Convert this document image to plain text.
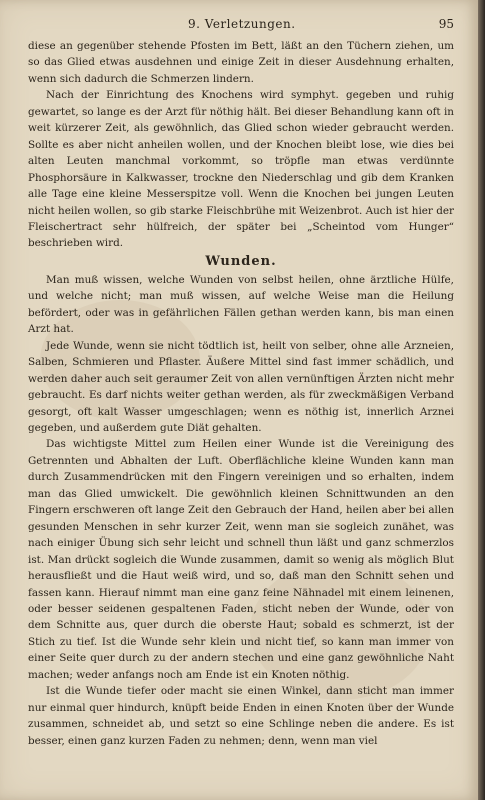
9. Verletzungen.	95

diese an gegenüber stehende Pfosten im Bett, läßt an den Tüchern ziehen, um so das Glied etwas ausdehnen und einige Zeit in dieser Ausdehnung erhalten, wenn sich dadurch die Schmerzen lindern.

Nach der Einrichtung des Knochens wird symphyt. gegeben und ruhig gewartet, so lange es der Arzt für nöthig hält. Bei dieser Behandlung kann oft in weit kürzerer Zeit, als gewöhnlich, das Glied schon wieder gebraucht werden. Sollte es aber nicht anheilen wollen, und der Knochen bleibt lose, wie dies bei alten Leuten manchmal vorkommt, so tröpfle man etwas verdünnte Phosphorsäure in Kalkwasser, trockne den Niederschlag und gib dem Kranken alle Tage eine kleine Messerspitze voll. Wenn die Knochen bei jungen Leuten nicht heilen wollen, so gib starke Fleischbrühe mit Weizenbrot. Auch ist hier der Fleischertract sehr hülfreich, der später bei „Scheintod vom Hunger“ beschrieben wird.

Wunden.

Man muß wissen, welche Wunden von selbst heilen, ohne ärztliche Hülfe, und welche nicht; man muß wissen, auf welche Weise man die Heilung befördert, oder was in gefährlichen Fällen gethan werden kann, bis man einen Arzt hat.

Jede Wunde, wenn sie nicht tödtlich ist, heilt von selber, ohne alle Arzneien, Salben, Schmieren und Pflaster. Äußere Mittel sind fast immer schädlich, und werden daher auch seit geraumer Zeit von allen vernünftigen Ärzten nicht mehr gebraucht. Es darf nichts weiter gethan werden, als für zweckmäßigen Verband gesorgt, oft kalt Wasser umgeschlagen; wenn es nöthig ist, innerlich Arznei gegeben, und außerdem gute Diät gehalten.

Das wichtigste Mittel zum Heilen einer Wunde ist die Vereinigung des Getrennten und Abhalten der Luft. Oberflächliche kleine Wunden kann man durch Zusammendrücken mit den Fingern vereinigen und so erhalten, indem man das Glied umwickelt. Die gewöhnlich kleinen Schnittwunden an den Fingern erschweren oft lange Zeit den Gebrauch der Hand, heilen aber bei allen gesunden Menschen in sehr kurzer Zeit, wenn man sie sogleich zunähet, was nach einiger Übung sich sehr leicht und schnell thun läßt und ganz schmerzlos ist. Man drückt sogleich die Wunde zusammen, damit so wenig als möglich Blut herausfließt und die Haut weiß wird, und so, daß man den Schnitt sehen und fassen kann. Hierauf nimmt man eine ganz feine Nähnadel mit einem leinenen, oder besser seidenen gespaltenen Faden, sticht neben der Wunde, oder von dem Schnitte aus, quer durch die oberste Haut; sobald es schmerzt, ist der Stich zu tief. Ist die Wunde sehr klein und nicht tief, so kann man immer von einer Seite quer durch zu der andern stechen und eine ganz gewöhnliche Naht machen; weder anfangs noch am Ende ist ein Knoten nöthig.

Ist die Wunde tiefer oder macht sie einen Winkel, dann sticht man immer nur einmal quer hindurch, knüpft beide Enden in einen Knoten über der Wunde zusammen, schneidet ab, und setzt so eine Schlinge neben die andere. Es ist besser, einen ganz kurzen Faden zu nehmen; denn, wenn man viel
